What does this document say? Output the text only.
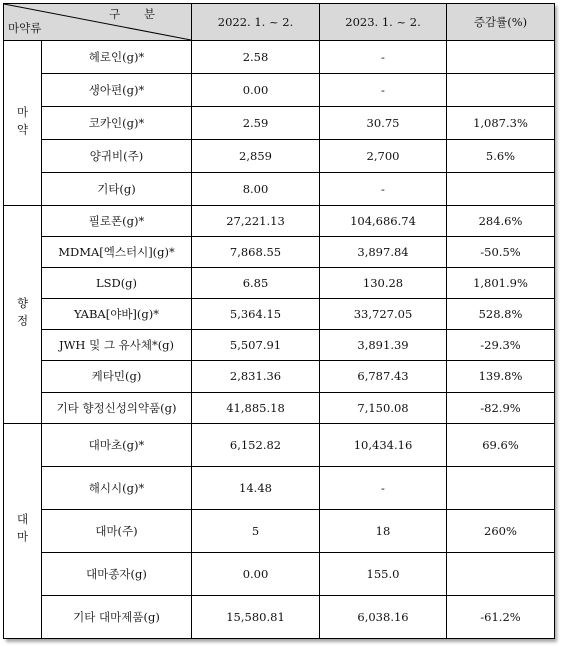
구 분
마약류		2022. 1. ~ 2.	2023. 1. ~ 2.	증감률(%)
마약	헤로인(g)*	2.58	-	
	생아편(g)*	0.00	-	
	코카인(g)*	2.59	30.75	1,087.3%
	양귀비(주)	2,859	2,700	5.6%
	기타(g)	8.00	-	
향정	필로폰(g)*	27,221.13	104,686.74	284.6%
	MDMA[엑스터시](g)*	7,868.55	3,897.84	-50.5%
	LSD(g)	6.85	130.28	1,801.9%
	YABA[야바](g)*	5,364.15	33,727.05	528.8%
	JWH 및 그 유사체*(g)	5,507.91	3,891.39	-29.3%
	케타민(g)	2,831.36	6,787.43	139.8%
	기타 향정신성의약품(g)	41,885.18	7,150.08	-82.9%
대마	대마초(g)*	6,152.82	10,434.16	69.6%
	해시시(g)*	14.48	-	
	대마(주)	5	18	260%
	대마종자(g)	0.00	155.0	
	기타 대마제품(g)	15,580.81	6,038.16	-61.2%
